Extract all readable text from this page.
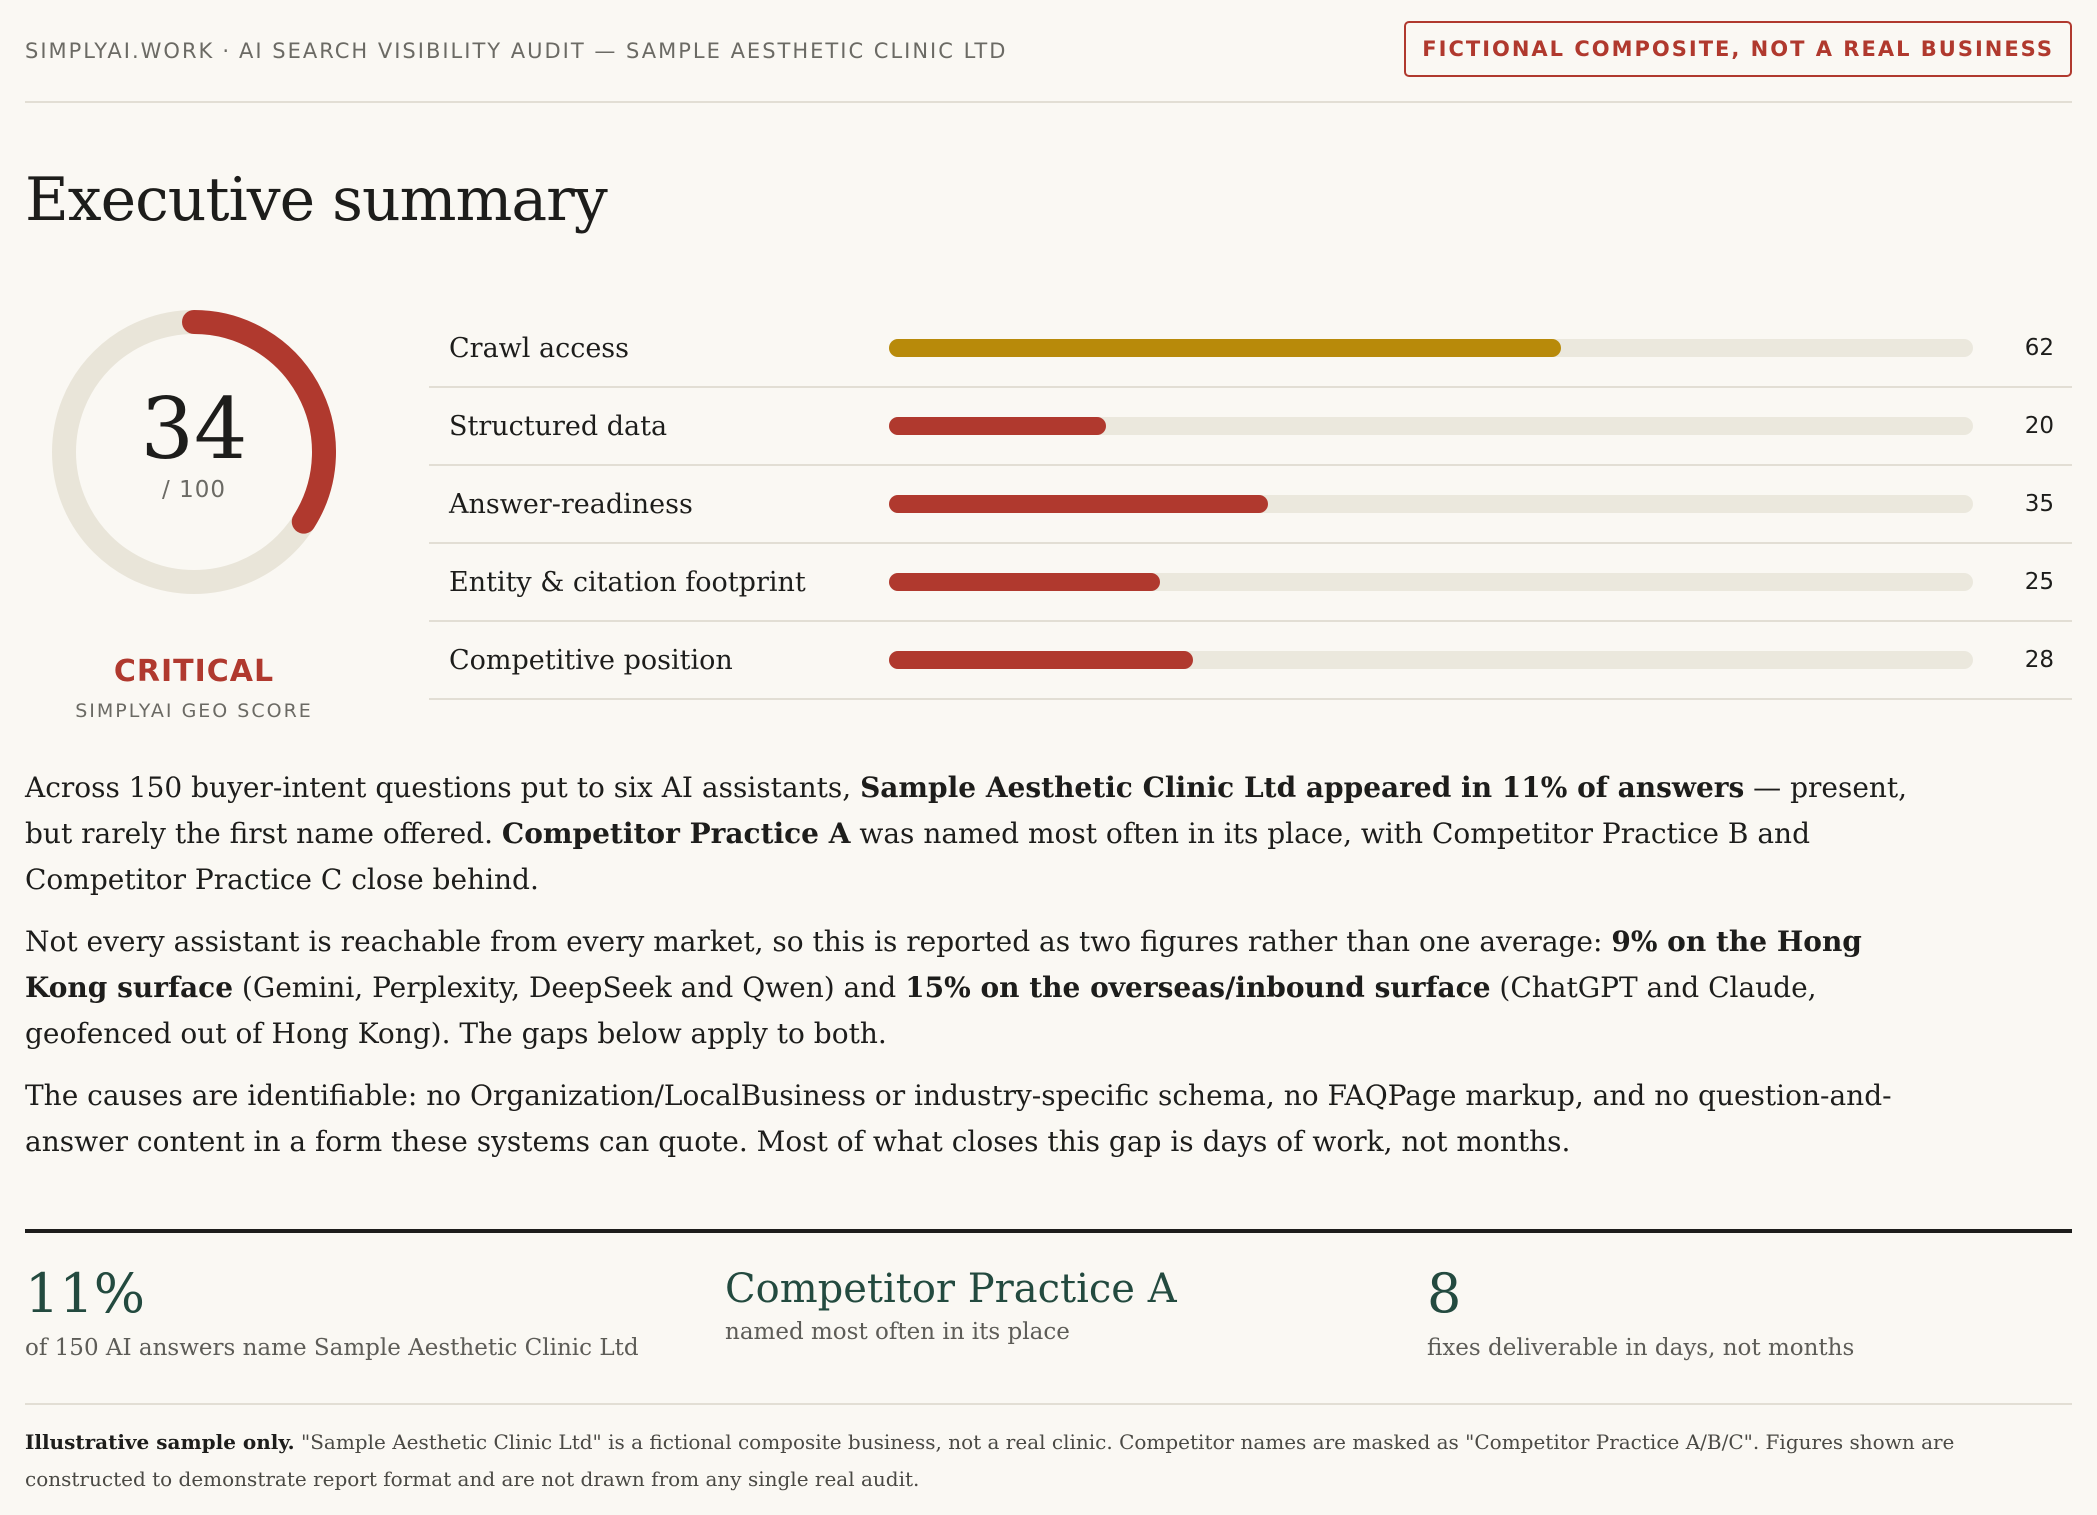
SIMPLYAI.WORK · AI SEARCH VISIBILITY AUDIT — SAMPLE AESTHETIC CLINIC LTD	FICTIONAL COMPOSITE, NOT A REAL BUSINESS
Executive summary
34
/ 100
CRITICAL
SIMPLYAI GEO SCORE
Crawl access	62
Structured data	20
Answer-readiness	35
Entity & citation footprint	25
Competitive position	28

Across 150 buyer-intent questions put to six AI assistants, Sample Aesthetic Clinic Ltd appeared in 11% of answers — present, but rarely the first name offered. Competitor Practice A was named most often in its place, with Competitor Practice B and Competitor Practice C close behind.

Not every assistant is reachable from every market, so this is reported as two figures rather than one average: 9% on the Hong Kong surface (Gemini, Perplexity, DeepSeek and Qwen) and 15% on the overseas/inbound surface (ChatGPT and Claude, geofenced out of Hong Kong). The gaps below apply to both.

The causes are identifiable: no Organization/LocalBusiness or industry-specific schema, no FAQPage markup, and no question-and-answer content in a form these systems can quote. Most of what closes this gap is days of work, not months.

11%
of 150 AI answers name Sample Aesthetic Clinic Ltd
Competitor Practice A
named most often in its place
8
fixes deliverable in days, not months
Illustrative sample only. "Sample Aesthetic Clinic Ltd" is a fictional composite business, not a real clinic. Competitor names are masked as "Competitor Practice A/B/C". Figures shown are constructed to demonstrate report format and are not drawn from any single real audit.
